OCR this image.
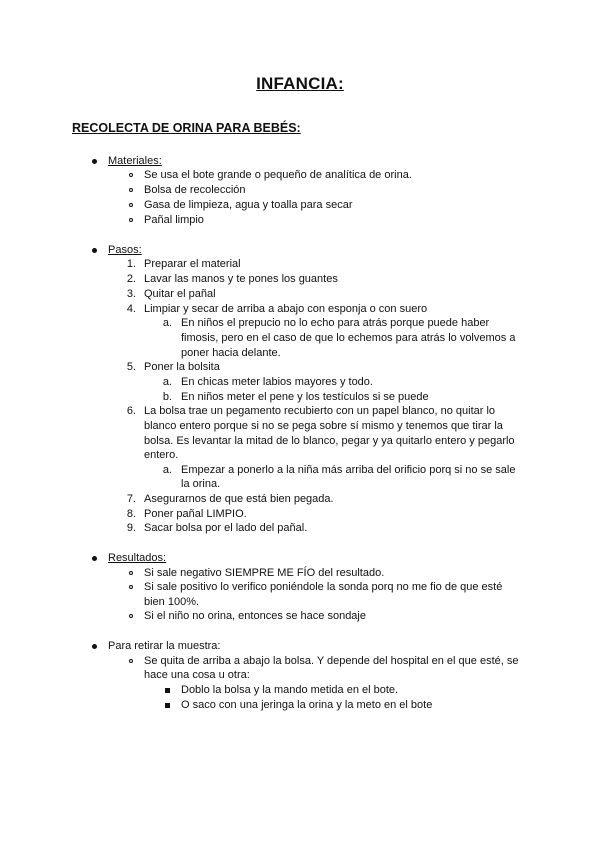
INFANCIA:
RECOLECTA DE ORINA PARA BEBÉS:
Materiales:
Se usa el bote grande o pequeño de analítica de orina.
Bolsa de recolección
Gasa de limpieza, agua y toalla para secar
Pañal limpio
Pasos:
1. Preparar el material
2. Lavar las manos y te pones los guantes
3. Quitar el pañal
4. Limpiar y secar de arriba a abajo con esponja o con suero
a. En niños el prepucio no lo echo para atrás porque puede haber
fimosis, pero en el caso de que lo echemos para atrás lo volvemos a
poner hacia delante.
5. Poner la bolsita
a. En chicas meter labios mayores y todo.
b. En niños meter el pene y los testículos si se puede
6. La bolsa trae un pegamento recubierto con un papel blanco, no quitar lo
blanco entero porque si no se pega sobre sí mismo y tenemos que tirar la
bolsa. Es levantar la mitad de lo blanco, pegar y ya quitarlo entero y pegarlo
entero.
a. Empezar a ponerlo a la niña más arriba del orificio porq si no se sale
la orina.
7. Asegurarnos de que está bien pegada.
8. Poner pañal LIMPIO.
9. Sacar bolsa por el lado del pañal.
Resultados:
Si sale negativo SIEMPRE ME FÍO del resultado.
Si sale positivo lo verifico poniéndole la sonda porq no me fio de que esté
bien 100%.
Si el niño no orina, entonces se hace sondaje
Para retirar la muestra:
Se quita de arriba a abajo la bolsa. Y depende del hospital en el que esté, se
hace una cosa u otra:
Doblo la bolsa y la mando metida en el bote.
O saco con una jeringa la orina y la meto en el bote
